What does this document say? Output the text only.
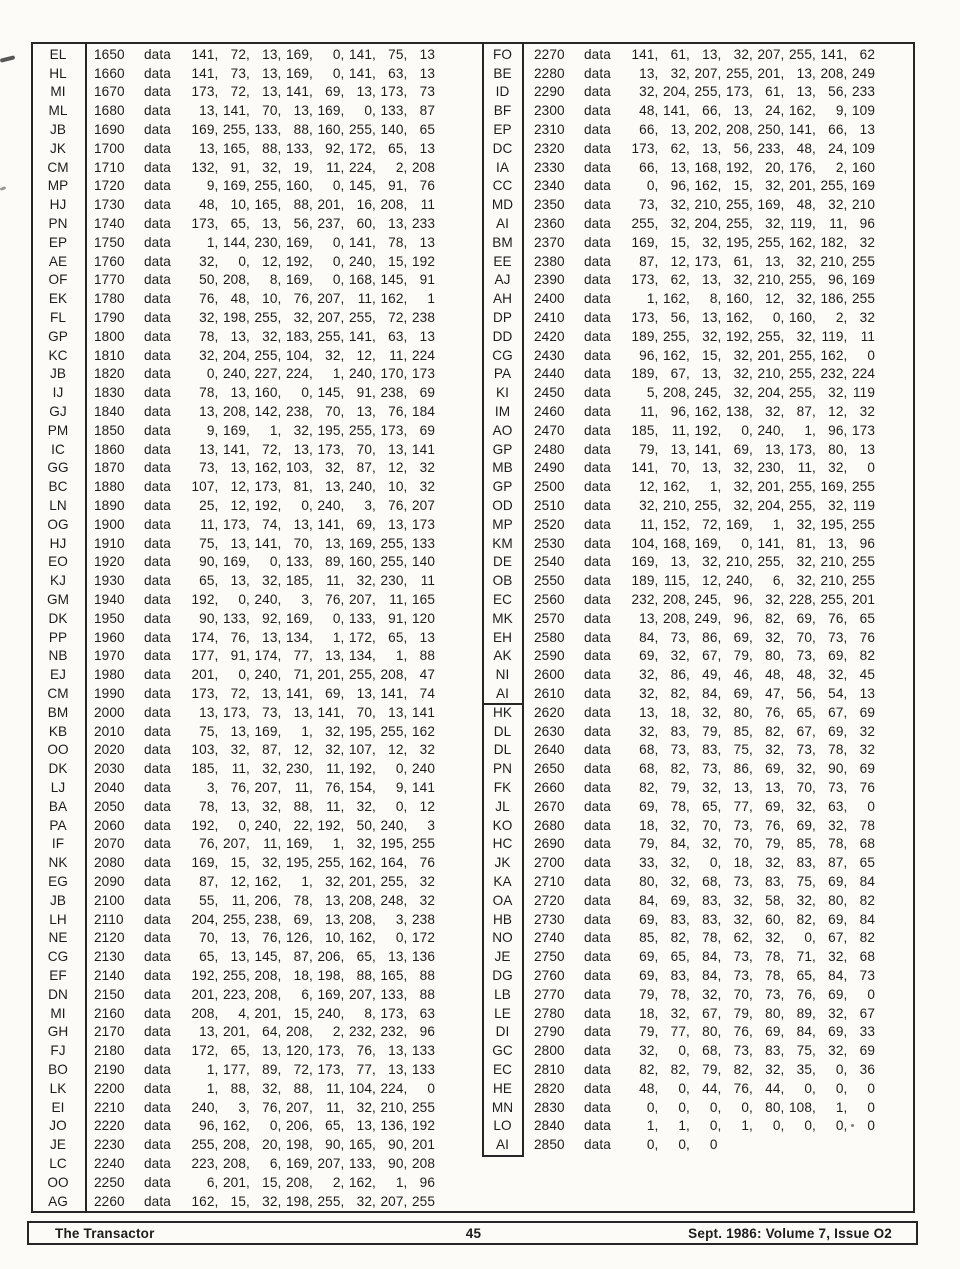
EL	1650	data	141 , 72 , 13 , 169 ,	0 , 141 , 75 , 13
HL	1660	data	141 , 73 , 13 , 169 ,	0 , 141 , 63 , 13
MI	1670	data	173 , 72 , 13 , 141 , 69 , 13 , 173 , 73
ML	1680	data	13 , 141 , 70 , 13 , 169 ,	0 , 133 , 87
JB	1690	data	169 , 255 , 133 , 88 , 160 , 255 , 140 , 65
JK	1700	data	13 , 165 , 88 , 133 , 92 , 172 , 65 , 13
CM	1710	data	132 , 91 , 32 , 19 , 11 , 224 ,	2 , 208
MP	1720	data	9 , 169 , 255 , 160 ,	0 , 145 , 91 , 76
HJ	1730	data	48 , 10 , 165 , 88 , 201 , 16 , 208 , 11
PN	1740	data	173 , 65 , 13 , 56 , 237 , 60 , 13 , 233
EP	1750	data	1 , 144 , 230 , 169 ,	0 , 141 , 78 , 13
AE	1760	data	32 ,	0 , 12 , 192 ,	0 , 240 , 15 , 192
OF	1770	data	50 , 208 ,	8 , 169 ,	0 , 168 , 145 , 91
EK	1780	data	76 , 48 , 10 , 76 , 207 , 11 , 162 ,	1
FL	1790	data	32 , 198 , 255 , 32 , 207 , 255 , 72 , 238
GP	1800	data	78 , 13 , 32 , 183 , 255 , 141 , 63 , 13
KC	1810	data	32 , 204 , 255 , 104 , 32 , 12 , 11 , 224
JB	1820	data	0 , 240 , 227 , 224 ,	1 , 240 , 170 , 173
IJ	1830	data	78 , 13 , 160 ,	0 , 145 , 91 , 238 , 69
GJ	1840	data	13 , 208 , 142 , 238 , 70 , 13 , 76 , 184
PM	1850	data	9 , 169 ,	1 , 32 , 195 , 255 , 173 , 69
IC	1860	data	13 , 141 , 72 , 13 , 173 , 70 , 13 , 141
GG	1870	data	73 , 13 , 162 , 103 , 32 , 87 , 12 , 32
BC	1880	data	107 , 12 , 173 , 81 , 13 , 240 , 10 , 32
LN	1890	data	25 , 12 , 192 ,	0 , 240 ,	3 , 76 , 207
OG	1900	data	11 , 173 , 74 , 13 , 141 , 69 , 13 , 173
HJ	1910	data	75 , 13 , 141 , 70 , 13 , 169 , 255 , 133
EO	1920	data	90 , 169 ,	0 , 133 , 89 , 160 , 255 , 140
KJ	1930	data	65 , 13 , 32 , 185 , 11 , 32 , 230 , 11
GM	1940	data	192 ,	0 , 240 ,	3 , 76 , 207 , 11 , 165
DK	1950	data	90 , 133 , 92 , 169 ,	0 , 133 , 91 , 120
PP	1960	data	174 , 76 , 13 , 134 ,	1 , 172 , 65 , 13
NB	1970	data	177 , 91 , 174 , 77 , 13 , 134 ,	1 , 88
EJ	1980	data	201 ,	0 , 240 , 71 , 201 , 255 , 208 , 47
CM	1990	data	173 , 72 , 13 , 141 , 69 , 13 , 141 , 74
BM	2000	data	13 , 173 , 73 , 13 , 141 , 70 , 13 , 141
KB	2010	data	75 , 13 , 169 ,	1 , 32 , 195 , 255 , 162
OO	2020	data	103 , 32 , 87 , 12 , 32 , 107 , 12 , 32
DK	2030	data	185 , 11 , 32 , 230 , 11 , 192 ,	0 , 240
LJ	2040	data	3 , 76 , 207 , 11 , 76 , 154 ,	9 , 141
BA	2050	data	78 , 13 , 32 , 88 , 11 , 32 ,	0 , 12
PA	2060	data	192 ,	0 , 240 , 22 , 192 , 50 , 240 ,	3
IF	2070	data	76 , 207 , 11 , 169 ,	1 , 32 , 195 , 255
NK	2080	data	169 , 15 , 32 , 195 , 255 , 162 , 164 , 76
EG	2090	data	87 , 12 , 162 ,	1 , 32 , 201 , 255 , 32
JB	2100	data	55 , 11 , 206 , 78 , 13 , 208 , 248 , 32
LH	2110	data	204 , 255 , 238 , 69 , 13 , 208 ,	3 , 238
NE	2120	data	70 , 13 , 76 , 126 , 10 , 162 ,	0 , 172
CG	2130	data	65 , 13 , 145 , 87 , 206 , 65 , 13 , 136
EF	2140	data	192 , 255 , 208 , 18 , 198 , 88 , 165 , 88
DN	2150	data	201 , 223 , 208 ,	6 , 169 , 207 , 133 , 88
MI	2160	data	208 ,	4 , 201 , 15 , 240 ,	8 , 173 , 63
GH	2170	data	13 , 201 , 64 , 208 ,	2 , 232 , 232 , 96
FJ	2180	data	172 , 65 , 13 , 120 , 173 , 76 , 13 , 133
BO	2190	data	1 , 177 , 89 , 72 , 173 , 77 , 13 , 133
LK	2200	data	1 , 88 , 32 , 88 , 11 , 104 , 224 ,	0
EI	2210	data	240 ,	3 , 76 , 207 , 11 , 32 , 210 , 255
JO	2220	data	96 , 162 ,	0 , 206 , 65 , 13 , 136 , 192
JE	2230	data	255 , 208 , 20 , 198 , 90 , 165 , 90 , 201
LC	2240	data	223 , 208 ,	6 , 169 , 207 , 133 , 90 , 208
OO	2250	data	6 , 201 , 15 , 208 ,	2 , 162 ,	1 , 96
AG	2260	data	162 , 15 , 32 , 198 , 255 , 32 , 207 , 255
FO	2270	data	141 , 61 , 13 , 32 , 207 , 255 , 141 , 62
BE	2280	data	13 , 32 , 207 , 255 , 201 , 13 , 208 , 249
ID	2290	data	32 , 204 , 255 , 173 , 61 , 13 , 56 , 233
BF	2300	data	48 , 141 , 66 , 13 , 24 , 162 ,	9 , 109
EP	2310	data	66 , 13 , 202 , 208 , 250 , 141 , 66 , 13
DC	2320	data	173 , 62 , 13 , 56 , 233 , 48 , 24 , 109
IA	2330	data	66 , 13 , 168 , 192 , 20 , 176 ,	2 , 160
CC	2340	data	0 , 96 , 162 , 15 , 32 , 201 , 255 , 169
MD	2350	data	73 , 32 , 210 , 255 , 169 , 48 , 32 , 210
AI	2360	data	255 , 32 , 204 , 255 , 32 , 119 , 11 , 96
BM	2370	data	169 , 15 , 32 , 195 , 255 , 162 , 182 , 32
EE	2380	data	87 , 12 , 173 , 61 , 13 , 32 , 210 , 255
AJ	2390	data	173 , 62 , 13 , 32 , 210 , 255 , 96 , 169
AH	2400	data	1 , 162 ,	8 , 160 , 12 , 32 , 186 , 255
DP	2410	data	173 , 56 , 13 , 162 ,	0 , 160 ,	2 , 32
DD	2420	data	189 , 255 , 32 , 192 , 255 , 32 , 119 , 11
CG	2430	data	96 , 162 , 15 , 32 , 201 , 255 , 162 ,	0
PA	2440	data	189 , 67 , 13 , 32 , 210 , 255 , 232 , 224
KI	2450	data	5 , 208 , 245 , 32 , 204 , 255 , 32 , 119
IM	2460	data	11 , 96 , 162 , 138 , 32 , 87 , 12 , 32
AO	2470	data	185 , 11 , 192 ,	0 , 240 ,	1 , 96 , 173
GP	2480	data	79 , 13 , 141 , 69 , 13 , 173 , 80 , 13
MB	2490	data	141 , 70 , 13 , 32 , 230 , 11 , 32 ,	0
GP	2500	data	12 , 162 ,	1 , 32 , 201 , 255 , 169 , 255
OD	2510	data	32 , 210 , 255 , 32 , 204 , 255 , 32 , 119
MP	2520	data	11 , 152 , 72 , 169 ,	1 , 32 , 195 , 255
KM	2530	data	104 , 168 , 169 ,	0 , 141 , 81 , 13 , 96
DE	2540	data	169 , 13 , 32 , 210 , 255 , 32 , 210 , 255
OB	2550	data	189 , 115 , 12 , 240 ,	6 , 32 , 210 , 255
EC	2560	data	232 , 208 , 245 , 96 , 32 , 228 , 255 , 201
MK	2570	data	13 , 208 , 249 , 96 , 82 , 69 , 76 , 65
EH	2580	data	84 , 73 , 86 , 69 , 32 , 70 , 73 , 76
AK	2590	data	69 , 32 , 67 , 79 , 80 , 73 , 69 , 82
NI	2600	data	32 , 86 , 49 , 46 , 48 , 48 , 32 , 45
AI	2610	data	32 , 82 , 84 , 69 , 47 , 56 , 54 , 13
HK	2620	data	13 , 18 , 32 , 80 , 76 , 65 , 67 , 69
DL	2630	data	32 , 83 , 79 , 85 , 82 , 67 , 69 , 32
DL	2640	data	68 , 73 , 83 , 75 , 32 , 73 , 78 , 32
PN	2650	data	68 , 82 , 73 , 86 , 69 , 32 , 90 , 69
FK	2660	data	82 , 79 , 32 , 13 , 13 , 70 , 73 , 76
JL	2670	data	69 , 78 , 65 , 77 , 69 , 32 , 63 ,	0
KO	2680	data	18 , 32 , 70 , 73 , 76 , 69 , 32 , 78
HC	2690	data	79 , 84 , 32 , 70 , 79 , 85 , 78 , 68
JK	2700	data	33 , 32 ,	0 , 18 , 32 , 83 , 87 , 65
KA	2710	data	80 , 32 , 68 , 73 , 83 , 75 , 69 , 84
OA	2720	data	84 , 69 , 83 , 32 , 58 , 32 , 80 , 82
HB	2730	data	69 , 83 , 83 , 32 , 60 , 82 , 69 , 84
NO	2740	data	85 , 82 , 78 , 62 , 32 ,	0 , 67 , 82
JE	2750	data	69 , 65 , 84 , 73 , 78 , 71 , 32 , 68
DG	2760	data	69 , 83 , 84 , 73 , 78 , 65 , 84 , 73
LB	2770	data	79 , 78 , 32 , 70 , 73 , 76 , 69 ,	0
LE	2780	data	18 , 32 , 67 , 79 , 80 , 89 , 32 , 67
DI	2790	data	79 , 77 , 80 , 76 , 69 , 84 , 69 , 33
GC	2800	data	32 ,	0 , 68 , 73 , 83 , 75 , 32 , 69
EC	2810	data	82 , 82 , 79 , 82 , 32 , 35 ,	0 , 36
HE	2820	data	48 ,	0 , 44 , 76 , 44 ,	0 ,	0 ,	0
MN	2830	data	0 ,	0 ,	0 ,	0 , 80 , 108 ,	1 ,	0
LO	2840	data	1 ,	1 ,	0 ,	1 ,	0 ,	0 ,	0 ,	0
AI	2850	data	0 ,	0 ,	0
The Transactor	45	Sept. 1986: Volume 7, Issue O2
